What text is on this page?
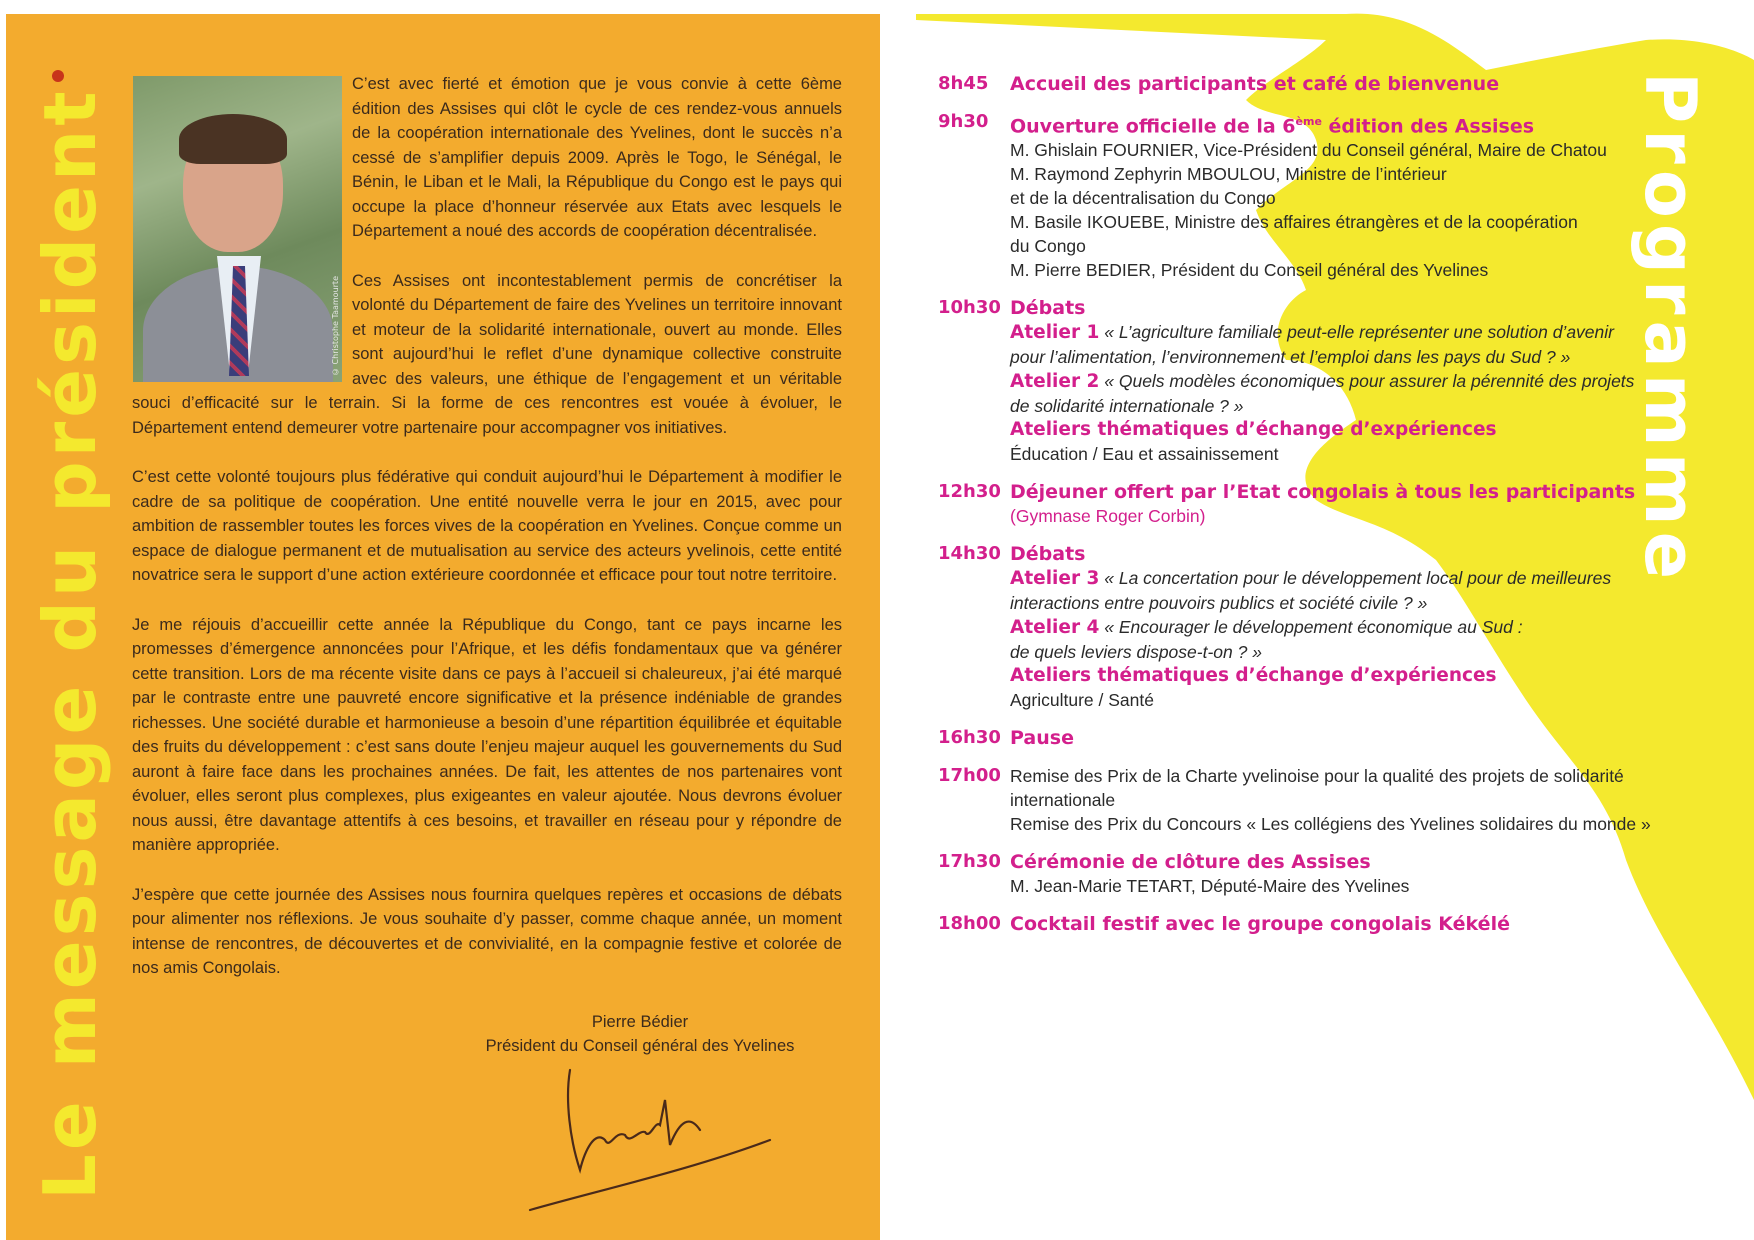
Le message du président	© Christophe Taamourte

C’est avec fierté et émotion que je vous convie à cette 6ème édition des Assises qui clôt le cycle de ces rendez-vous annuels de la coopération internationale des Yvelines, dont le succès n’a cessé de s’amplifier depuis 2009. Après le Togo, le Sénégal, le Bénin, le Liban et le Mali, la République du Congo est le pays qui occupe la place d’honneur réservée aux Etats avec lesquels le Département a noué des accords de coopération décentralisée.

Ces Assises ont incontestablement permis de concrétiser la volonté du Département de faire des Yvelines un territoire innovant et moteur de la solidarité internationale, ouvert au monde. Elles sont aujourd’hui le reflet d’une dynamique collective construite avec des valeurs, une éthique de l’engagement et un véritable souci d’efficacité sur le terrain. Si la forme de ces rencontres est vouée à évoluer, le Département entend demeurer votre partenaire pour accompagner vos initiatives.

C’est cette volonté toujours plus fédérative qui conduit aujourd’hui le Département à modifier le cadre de sa politique de coopération. Une entité nouvelle verra le jour en 2015, avec pour ambition de rassembler toutes les forces vives de la coopération en Yvelines. Conçue comme un espace de dialogue permanent et de mutualisation au service des acteurs yvelinois, cette entité novatrice sera le support d’une action extérieure coordonnée et efficace pour tout notre territoire.

Je me réjouis d’accueillir cette année la République du Congo, tant ce pays incarne les promesses d’émergence annoncées pour l’Afrique, et les défis fondamentaux que va générer cette transition. Lors de ma récente visite dans ce pays à l’accueil si chaleureux, j’ai été marqué par le contraste entre une pauvreté encore significative et la présence indéniable de grandes richesses. Une société durable et harmonieuse a besoin d’une répartition équilibrée et équitable des fruits du développement : c’est sans doute l’enjeu majeur auquel les gouvernements du Sud auront à faire face dans les prochaines années. De fait, les attentes de nos partenaires vont évoluer, elles seront plus complexes, plus exigeantes en valeur ajoutée. Nous devrons évoluer nous aussi, être davantage attentifs à ces besoins, et travailler en réseau pour y répondre de manière appropriée.

J’espère que cette journée des Assises nous fournira quelques repères et occasions de débats pour alimenter nos réflexions. Je vous souhaite d’y passer, comme chaque année, un moment intense de rencontres, de découvertes et de convivialité, en la compagnie festive et colorée de nos amis Congolais.

Pierre Bédier
Président du Conseil général des Yvelines
Programme
8h45 Accueil des participants et café de bienvenue
9h30 Ouverture officielle de la 6ème édition des Assises
M. Ghislain FOURNIER, Vice-Président du Conseil général, Maire de Chatou
M. Raymond Zephyrin MBOULOU, Ministre de l’intérieur
et de la décentralisation du Congo
M. Basile IKOUEBE, Ministre des affaires étrangères et de la coopération
du Congo
M. Pierre BEDIER, Président du Conseil général des Yvelines
10h30 Débats
Atelier 1 « L’agriculture familiale peut-elle représenter une solution d’avenir
pour l’alimentation, l’environnement et l’emploi dans les pays du Sud ? »
Atelier 2 « Quels modèles économiques pour assurer la pérennité des projets
de solidarité internationale ? »
Ateliers thématiques d’échange d’expériences
Éducation / Eau et assainissement
12h30 Déjeuner offert par l’Etat congolais à tous les participants
(Gymnase Roger Corbin)
14h30 Débats
Atelier 3 « La concertation pour le développement local pour de meilleures
interactions entre pouvoirs publics et société civile ? »
Atelier 4 « Encourager le développement économique au Sud :
de quels leviers dispose-t-on ? »
Ateliers thématiques d’échange d’expériences
Agriculture / Santé
16h30 Pause
17h00 Remise des Prix de la Charte yvelinoise pour la qualité des projets de solidarité
internationale
Remise des Prix du Concours « Les collégiens des Yvelines solidaires du monde »
17h30 Cérémonie de clôture des Assises
M. Jean-Marie TETART, Député-Maire des Yvelines
18h00 Cocktail festif avec le groupe congolais Kékélé
